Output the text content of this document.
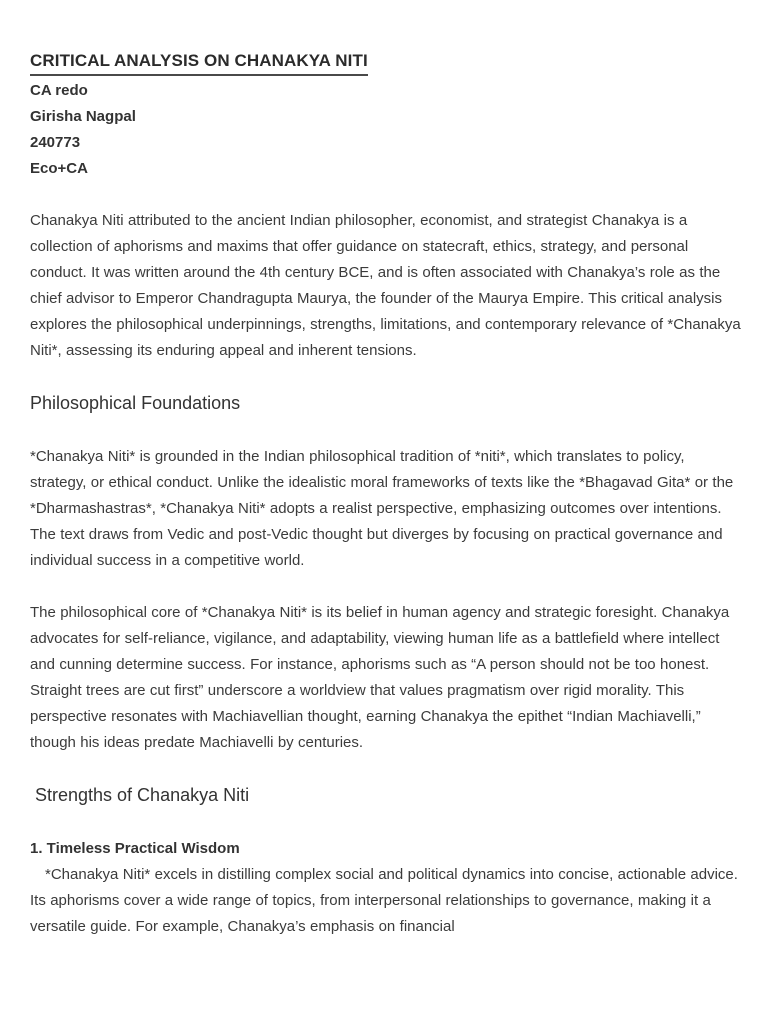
CRITICAL ANALYSIS ON CHANAKYA NITI

CA redo

Girisha Nagpal

240773

Eco+CA

Chanakya Niti attributed to the ancient Indian philosopher, economist, and strategist Chanakya is a collection of aphorisms and maxims that offer guidance on statecraft, ethics, strategy, and personal conduct. It was written around the 4th century BCE, and is often associated with Chanakya’s role as the chief advisor to Emperor Chandragupta Maurya, the founder of the Maurya Empire. This critical analysis explores the philosophical underpinnings, strengths, limitations, and contemporary relevance of *Chanakya Niti*, assessing its enduring appeal and inherent tensions.

Philosophical Foundations

*Chanakya Niti* is grounded in the Indian philosophical tradition of *niti*, which translates to policy, strategy, or ethical conduct. Unlike the idealistic moral frameworks of texts like the *Bhagavad Gita* or the *Dharmashastras*, *Chanakya Niti* adopts a realist perspective, emphasizing outcomes over intentions. The text draws from Vedic and post-Vedic thought but diverges by focusing on practical governance and individual success in a competitive world.

The philosophical core of *Chanakya Niti* is its belief in human agency and strategic foresight. Chanakya advocates for self-reliance, vigilance, and adaptability, viewing human life as a battlefield where intellect and cunning determine success. For instance, aphorisms such as “A person should not be too honest. Straight trees are cut first” underscore a worldview that values pragmatism over rigid morality. This perspective resonates with Machiavellian thought, earning Chanakya the epithet “Indian Machiavelli,” though his ideas predate Machiavelli by centuries.

Strengths of Chanakya Niti

1. Timeless Practical Wisdom

*Chanakya Niti* excels in distilling complex social and political dynamics into concise, actionable advice. Its aphorisms cover a wide range of topics, from interpersonal relationships to governance, making it a versatile guide. For example, Chanakya’s emphasis on financial
